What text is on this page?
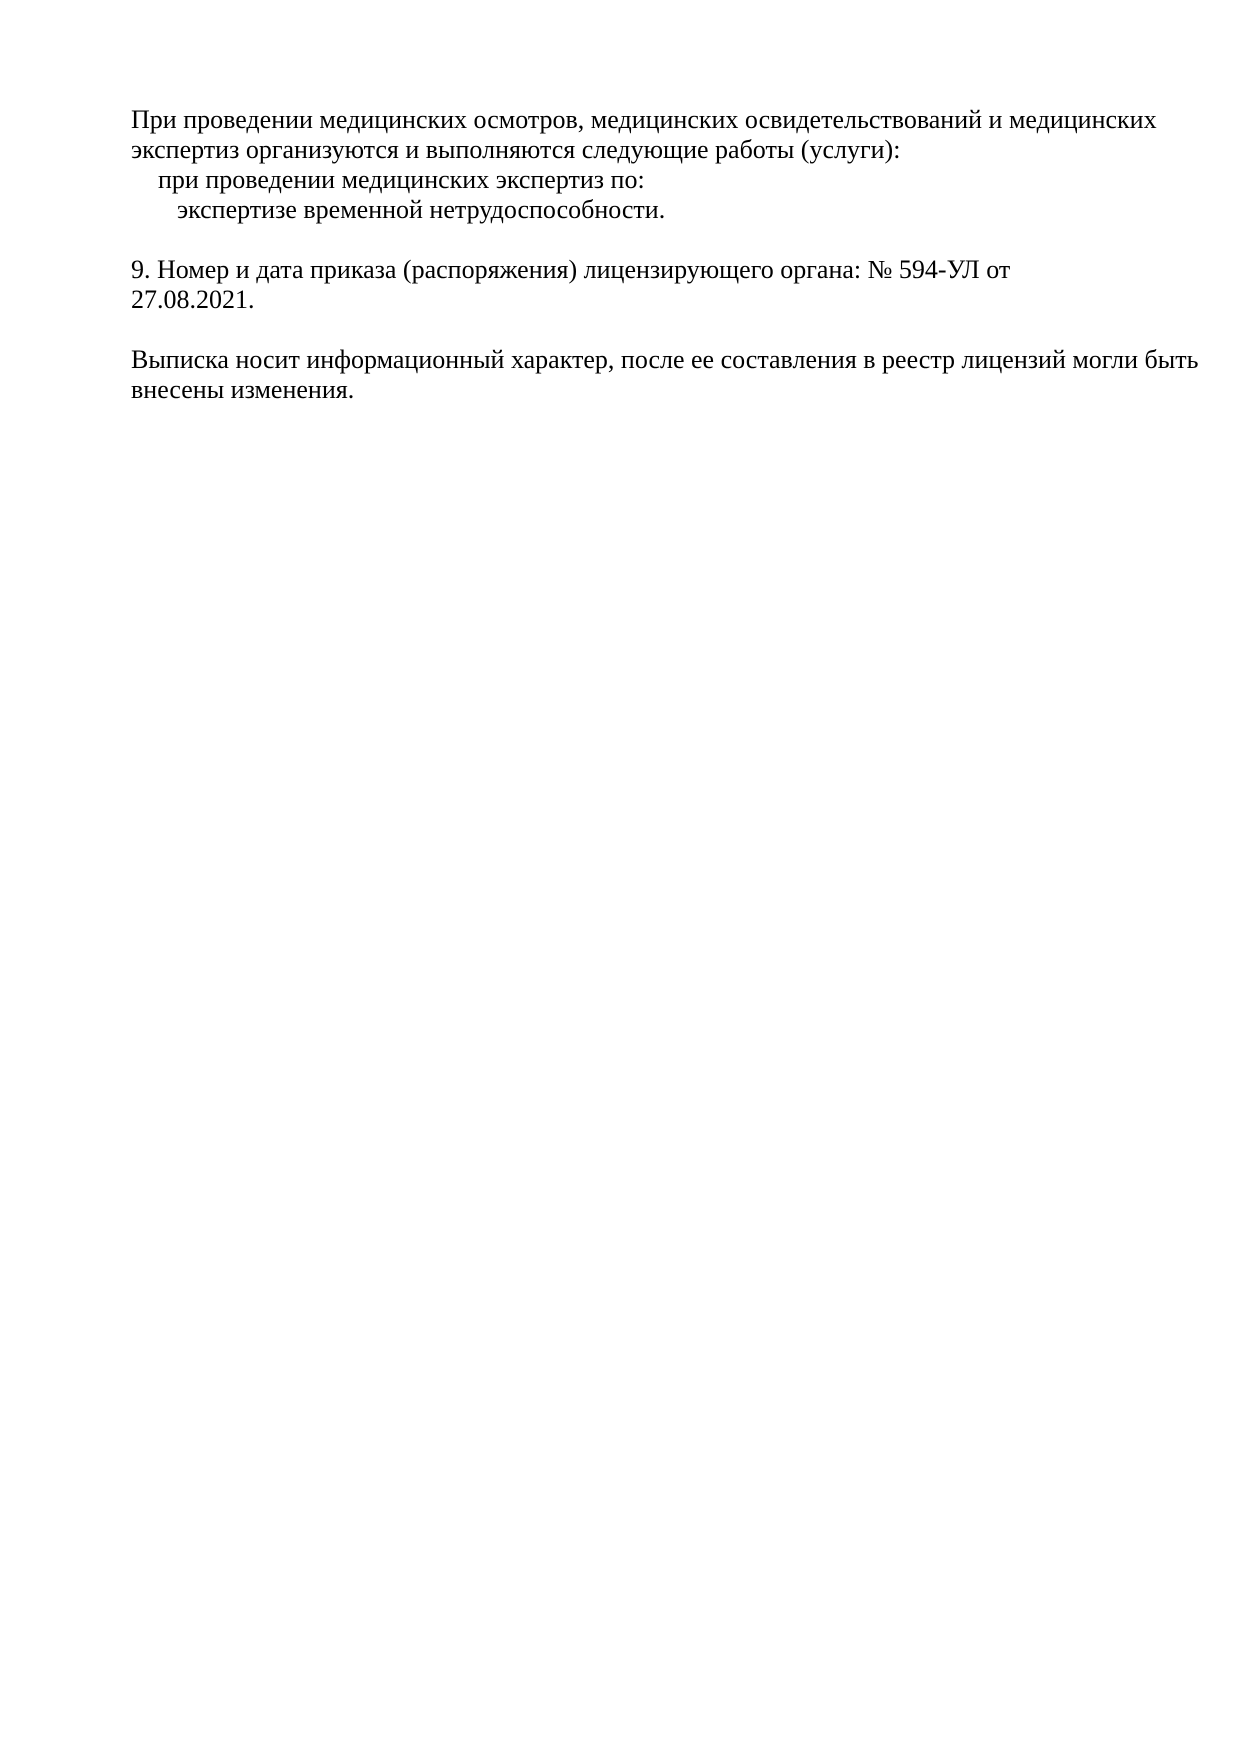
При проведении медицинских осмотров, медицинских освидетельствований и медицинских
экспертиз организуются и выполняются следующие работы (услуги):
при проведении медицинских экспертиз по:
экспертизе временной нетрудоспособности.

9. Номер и дата приказа (распоряжения) лицензирующего органа: № 594-УЛ от 27.08.2021.

Выписка носит информационный характер, после ее составления в реестр лицензий могли быть
внесены изменения.
